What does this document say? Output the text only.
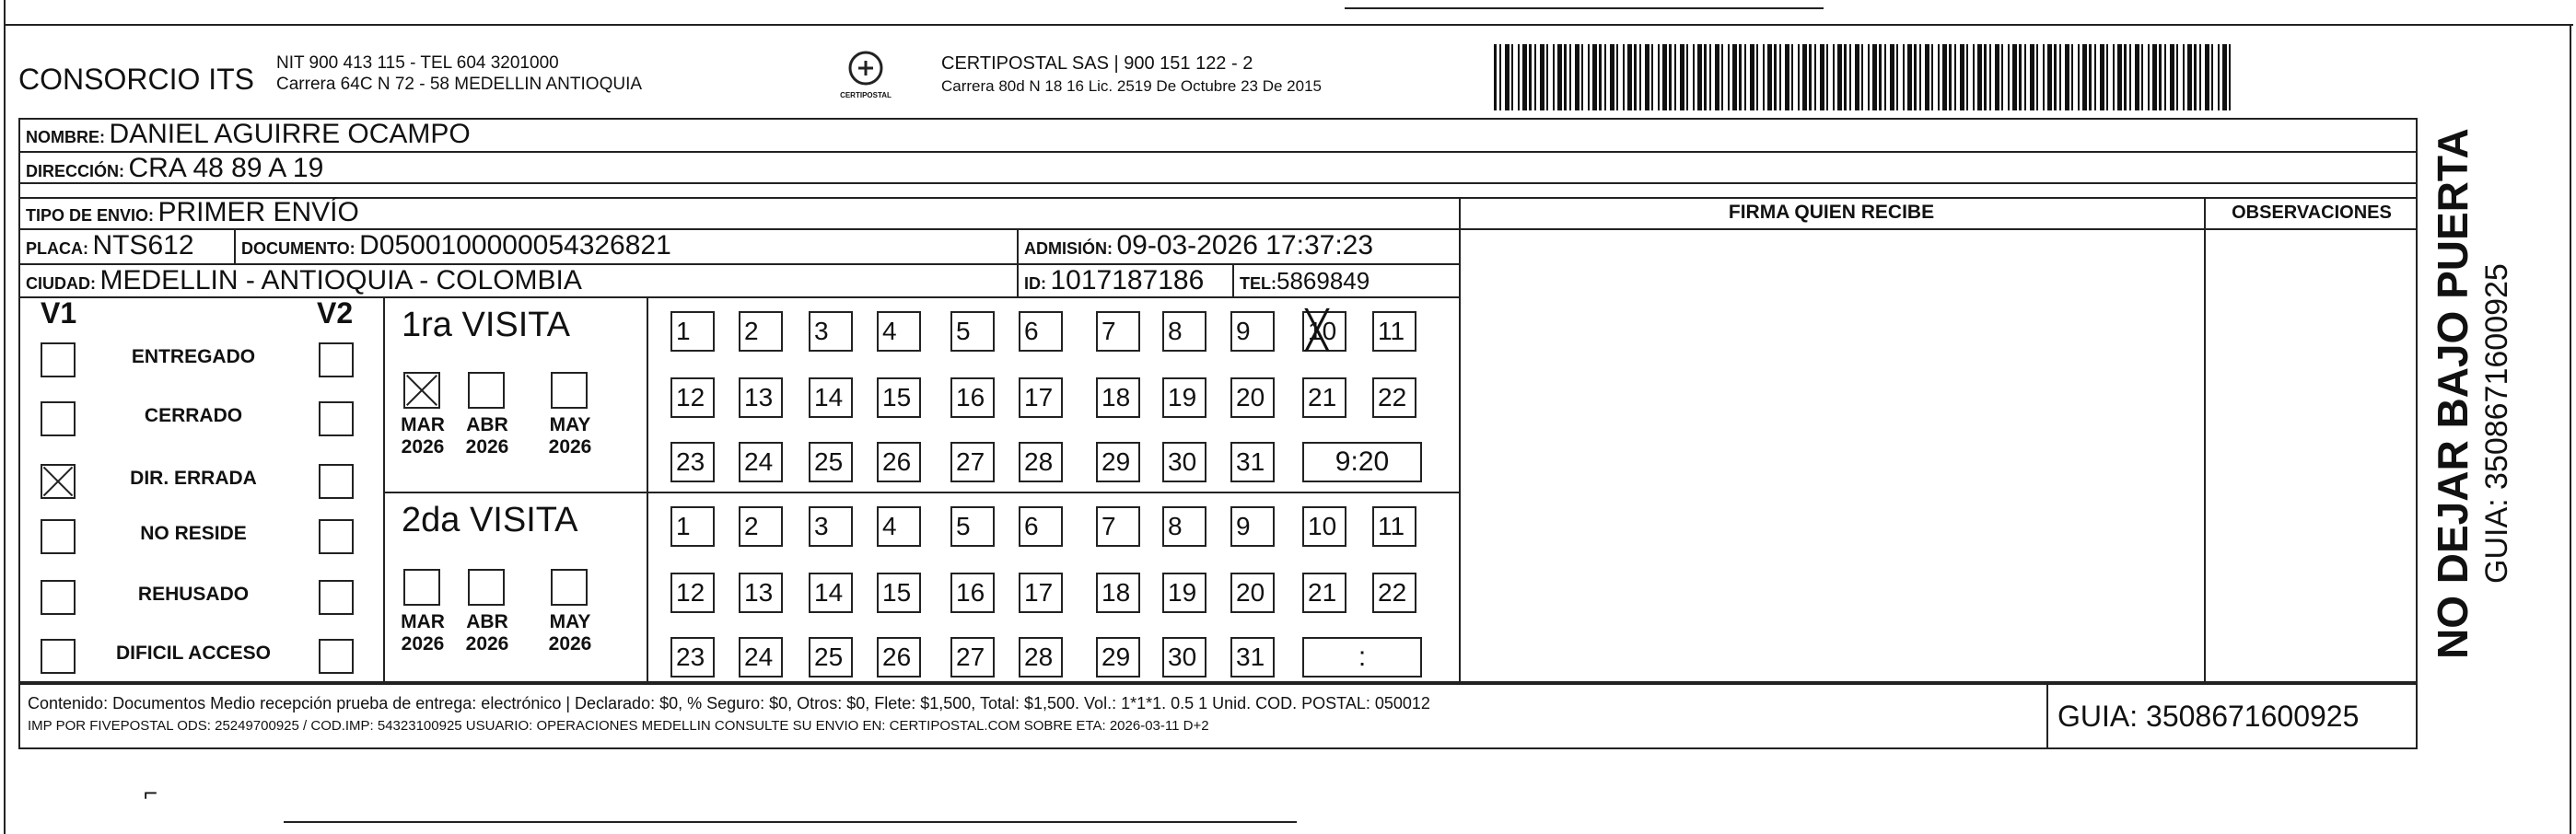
CONSORCIO ITS NIT 900 413 115 - TEL 604 3201000
Carrera 64C N 72 - 58 MEDELLIN ANTIOQUIA
CERTIPOSTAL
CERTIPOSTAL SAS | 900 151 122 - 2
Carrera 80d N 18 16 Lic. 2519 De Octubre 23 De 2015
NOMBRE: DANIEL AGUIRRE OCAMPO
DIRECCIÓN: CRA 48 89 A 19
TIPO DE ENVIO: PRIMER ENVÍO	FIRMA QUIEN RECIBE	OBSERVACIONES
PLACA: NTS612	DOCUMENTO: D0500100000054326821	ADMISIÓN: 09-03-2026 17:37:23
CIUDAD: MEDELLIN - ANTIOQUIA - COLOMBIA	ID: 1017187186 TEL:5869849
V1	V2
ENTREGADO
CERRADO
DIR. ERRADA
NO RESIDE
REHUSADO
DIFICIL ACCESO
1ra VISITA
MAR
2026
ABR
2026
MAY
2026
1	2	3	4	5	6	7	8	9	10 ╳	11
12	13	14	15	16	17	18	19	20	21	22
23	24	25	26	27	28	29	30	31	9:20
2da VISITA
MAR
2026
ABR
2026
MAY
2026
1	2	3	4	5	6	7	8	9	10	11
12	13	14	15	16	17	18	19	20	21	22
23	24	25	26	27	28	29	30	31	:
Contenido: Documentos Medio recepción prueba de entrega: electrónico | Declarado: $0, % Seguro: $0, Otros: $0, Flete: $1,500, Total: $1,500. Vol.: 1*1*1. 0.5 1 Unid. COD. POSTAL: 050012
IMP POR FIVEPOSTAL ODS: 25249700925 / COD.IMP: 54323100925 USUARIO: OPERACIONES MEDELLIN CONSULTE SU ENVIO EN: CERTIPOSTAL.COM SOBRE ETA: 2026-03-11 D+2	GUIA: 3508671600925
⌐
NO DEJAR BAJO PUERTA GUIA: 3508671600925
